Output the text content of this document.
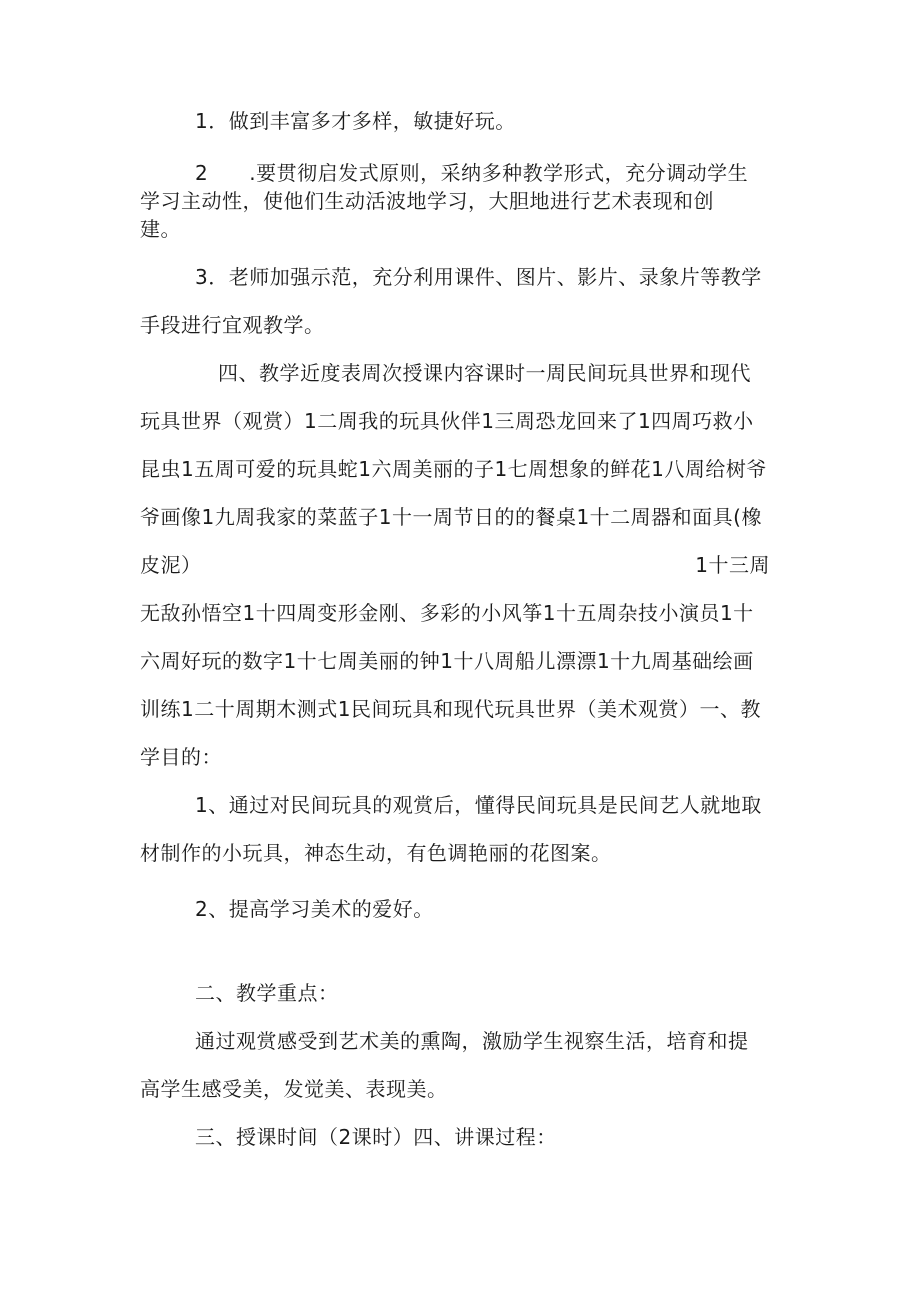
1．做到丰富多才多样，敏捷好玩。
2　　.要贯彻启发式原则，采纳多种教学形式，充分调动学生
学习主动性，使他们生动活波地学习，大胆地进行艺术表现和创
建。
3．老师加强示范，充分利用课件、图片、影片、录象片等教学
手段进行宜观教学。
四、教学近度表周次授课内容课时一周民间玩具世界和现代
玩具世界（观赏）1二周我的玩具伙伴1三周恐龙回来了1四周巧救小
昆虫1五周可爱的玩具蛇1六周美丽的子1七周想象的鲜花1八周给树爷
爷画像1九周我家的菜蓝子1十一周节日的的餐桌1十二周器和面具(橡
皮泥）	1十三周
无敌孙悟空1十四周变形金刚、多彩的小风筝1十五周杂技小演员1十
六周好玩的数字1十七周美丽的钟1十八周船儿漂漂1十九周基础绘画
训练1二十周期木测式1民间玩具和现代玩具世界（美术观赏）一、教
学目的：
1、通过对民间玩具的观赏后，懂得民间玩具是民间艺人就地取
材制作的小玩具，神态生动，有色调艳丽的花图案。
2、提高学习美术的爱好。
二、教学重点：
通过观赏感受到艺术美的熏陶，激励学生视察生活，培育和提
高学生感受美，发觉美、表现美。
三、授课时间（2课时）四、讲课过程：
